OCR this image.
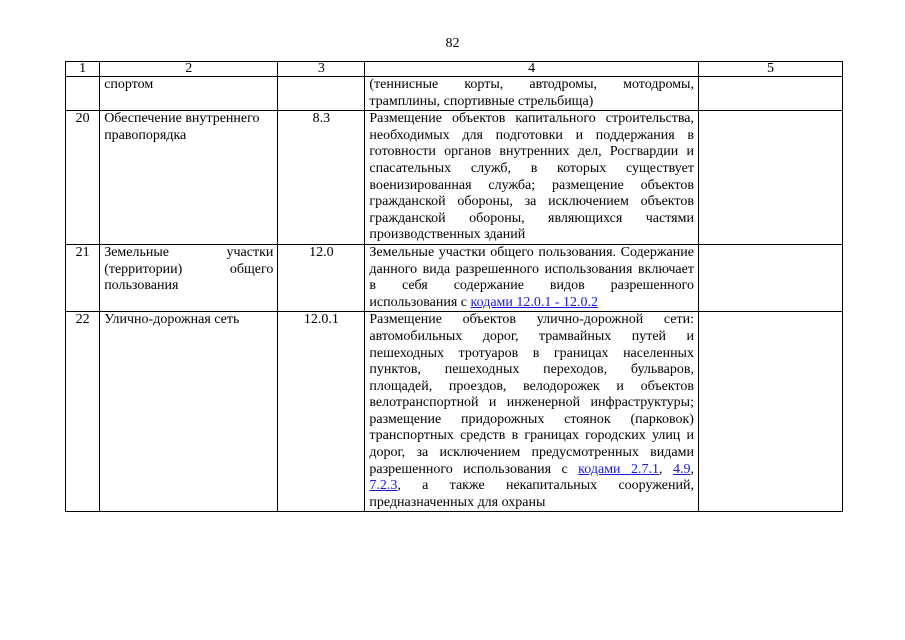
82
1	2	3	4	5
	спортом		(теннисные корты, автодромы, мотодромы, трамплины, спортивные стрельбища)	
20	Обеспечение внутреннего правопорядка	8.3	Размещение объектов капитального строительства, необходимых для подготовки и поддержания в готовности органов внутренних дел, Росгвардии и спасательных служб, в которых существует военизированная служба; размещение объектов гражданской обороны, за исключением объектов гражданской обороны, являющихся частями производственных зданий	
21	Земельные участки (территории) общего пользования	12.0	Земельные участки общего пользования. Содержание данного вида разрешенного использования включает в себя содержание видов разрешенного использования с кодами 12.0.1 - 12.0.2	
22	Улично-дорожная сеть	12.0.1	Размещение объектов улично-дорожной сети: автомобильных дорог, трамвайных путей и пешеходных тротуаров в границах населенных пунктов, пешеходных переходов, бульваров, площадей, проездов, велодорожек и объектов велотранспортной и инженерной инфраструктуры; размещение придорожных стоянок (парковок) транспортных средств в границах городских улиц и дорог, за исключением предусмотренных видами разрешенного использования с кодами 2.7.1, 4.9, 7.2.3, а также некапитальных сооружений, предназначенных для охраны	
